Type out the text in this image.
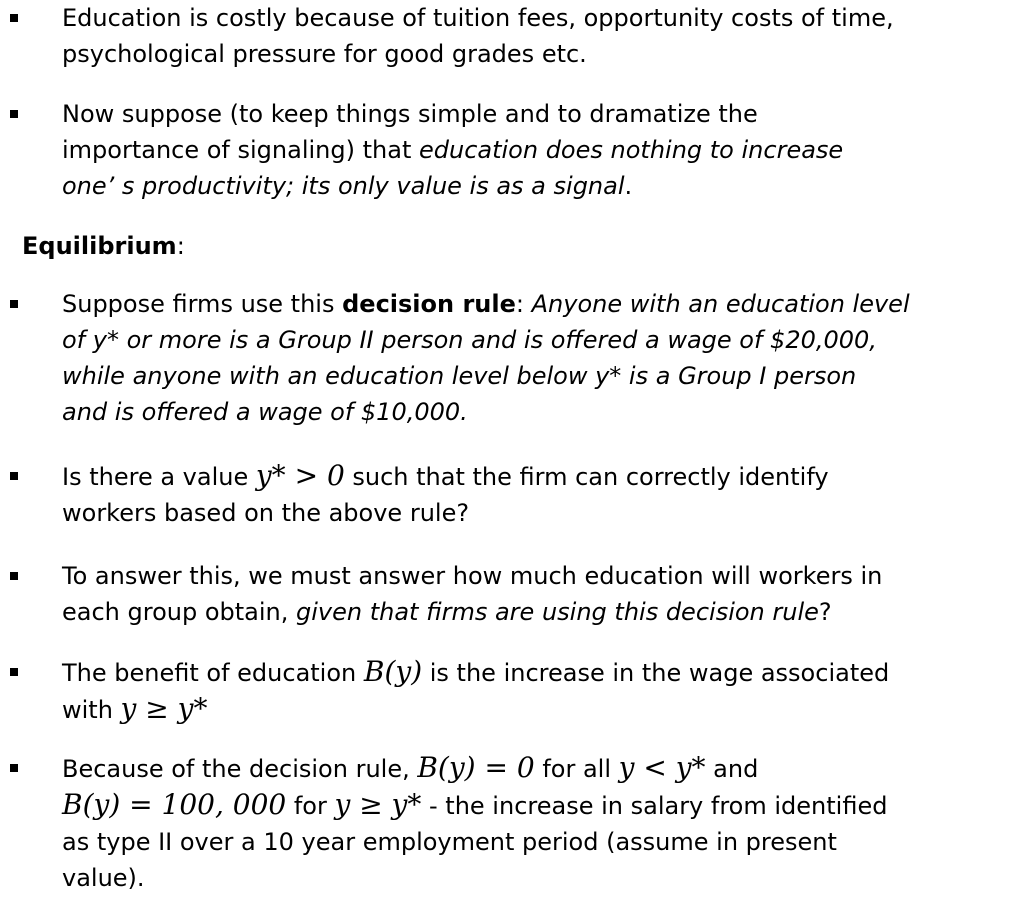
Education is costly because of tuition fees, opportunity costs of time,
psychological pressure for good grades etc.
Now suppose (to keep things simple and to dramatize the
importance of signaling) that education does nothing to increase
one’ s productivity; its only value is as a signal.
Equilibrium:
Suppose firms use this decision rule: Anyone with an education level
of y* or more is a Group II person and is offered a wage of $20,000,
while anyone with an education level below y* is a Group I person
and is offered a wage of $10,000.
Is there a value y* > 0 such that the firm can correctly identify
workers based on the above rule?
To answer this, we must answer how much education will workers in
each group obtain, given that firms are using this decision rule?
The benefit of education B(y) is the increase in the wage associated
with y ≥ y*
Because of the decision rule, B(y) = 0 for all y < y* and
B(y) = 100, 000 for y ≥ y* - the increase in salary from identified
as type II over a 10 year employment period (assume in present
value).
